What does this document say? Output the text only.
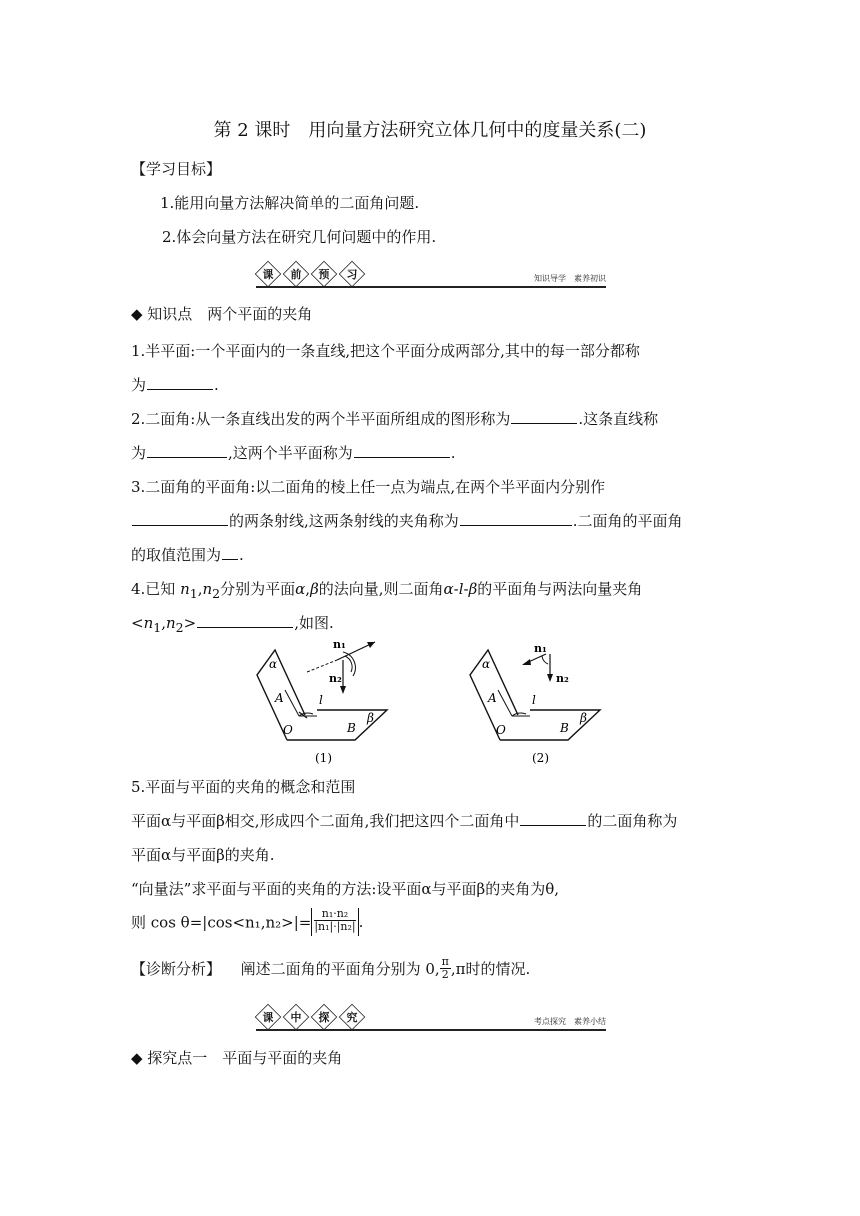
第 2 课时　用向量方法研究立体几何中的度量关系(二)
【学习目标】
1.能用向量方法解决简单的二面角问题.
2.体会向量方法在研究几何问题中的作用.
课 前 预 习	知识导学　素养初识
◆ 知识点　两个平面的夹角
1.半平面:一个平面内的一条直线,把这个平面分成两部分,其中的每一部分都称
为	.
2.二面角:从一条直线出发的两个半平面所组成的图形称为	.这条直线称
为	,这两个半平面称为	.
3.二面角的平面角:以二面角的棱上任一点为端点,在两个半平面内分别作
的两条射线,这两条射线的夹角称为	.二面角的平面角
的取值范围为 .
4.已知 $n_1,n_2$分别为平面α,β的法向量,则二面角α-l-β的平面角与两法向量夹角
$<n_1,n_2>$	,如图.
α
A	l
O	B
β
n₁
n₂
(1)
α
A	l
O	B
β
n₁
n₂
(2)
5.平面与平面的夹角的概念和范围
平面α与平面β相交,形成四个二面角,我们把这四个二面角中	的二面角称为
平面α与平面β的夹角.
“向量法”求平面与平面的夹角的方法:设平面α与平面β的夹角为θ,
则 $\cos \theta=|\cos<n_1,n_2>|= \frac{\text{n₁·n₂}}{\text{|n₁|·|n₂|}}$ .
【诊断分析】 阐述二面角的平面角分别为 0, $\frac{\pi}{2} ,\pi$时的情况.
课 中 探 究	考点探究　素养小结
◆ 探究点一　平面与平面的夹角
